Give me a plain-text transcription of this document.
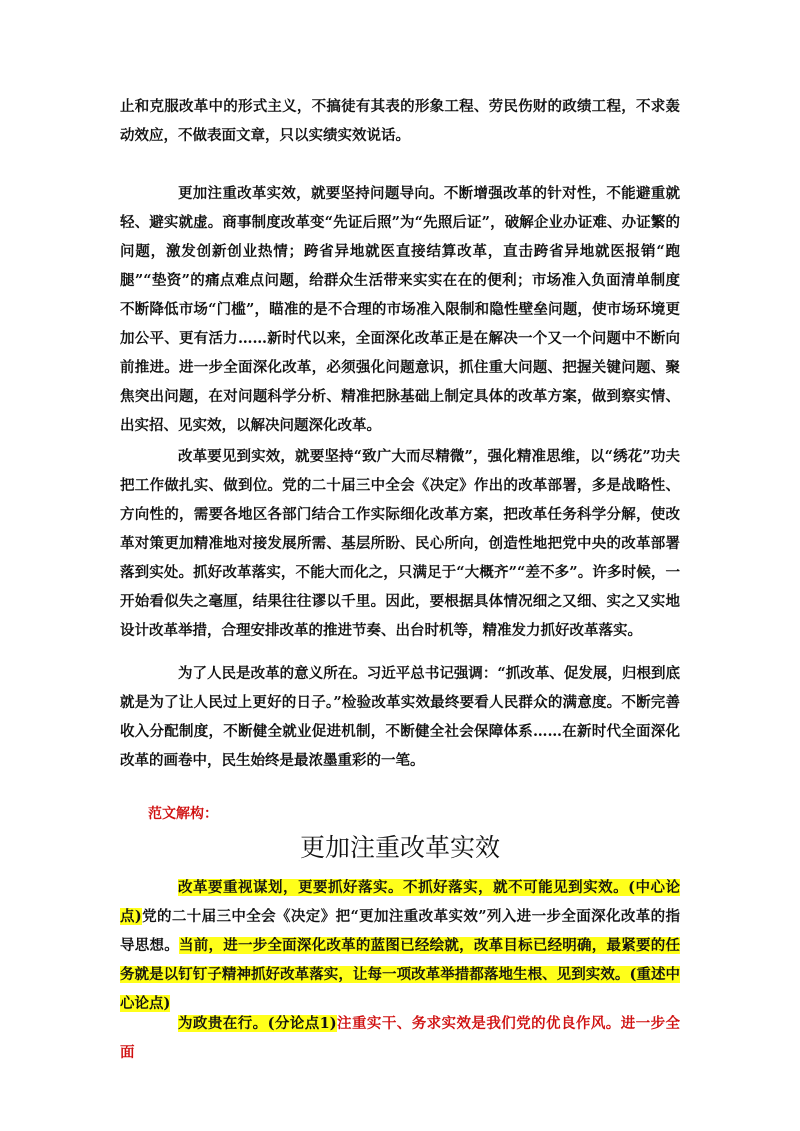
止和克服改革中的形式主义，不搞徒有其表的形象工程、劳民伤财的政绩工程，不求轰动效应，不做表面文章，只以实绩实效说话。

更加注重改革实效，就要坚持问题导向。不断增强改革的针对性，不能避重就轻、避实就虚。商事制度改革变“先证后照”为“先照后证”，破解企业办证难、办证繁的问题，激发创新创业热情；跨省异地就医直接结算改革，直击跨省异地就医报销“跑腿”“垫资”的痛点难点问题，给群众生活带来实实在在的便利；市场准入负面清单制度不断降低市场“门槛”，瞄准的是不合理的市场准入限制和隐性壁垒问题，使市场环境更加公平、更有活力……新时代以来，全面深化改革正是在解决一个又一个问题中不断向前推进。进一步全面深化改革，必须强化问题意识，抓住重大问题、把握关键问题、聚焦突出问题，在对问题科学分析、精准把脉基础上制定具体的改革方案，做到察实情、出实招、见实效，以解决问题深化改革。

改革要见到实效，就要坚持“致广大而尽精微”，强化精准思维，以“绣花”功夫把工作做扎实、做到位。党的二十届三中全会《决定》作出的改革部署，多是战略性、方向性的，需要各地区各部门结合工作实际细化改革方案，把改革任务科学分解，使改革对策更加精准地对接发展所需、基层所盼、民心所向，创造性地把党中央的改革部署落到实处。抓好改革落实，不能大而化之，只满足于“大概齐”“差不多”。许多时候，一开始看似失之毫厘，结果往往谬以千里。因此，要根据具体情况细之又细、实之又实地设计改革举措，合理安排改革的推进节奏、出台时机等，精准发力抓好改革落实。

为了人民是改革的意义所在。习近平总书记强调：“抓改革、促发展，归根到底就是为了让人民过上更好的日子。”检验改革实效最终要看人民群众的满意度。不断完善收入分配制度，不断健全就业促进机制，不断健全社会保障体系……在新时代全面深化改革的画卷中，民生始终是最浓墨重彩的一笔。

范文解构：
更加注重改革实效

改革要重视谋划，更要抓好落实。不抓好落实，就不可能见到实效。(中心论点)党的二十届三中全会《决定》把“更加注重改革实效”列入进一步全面深化改革的指导思想。当前，进一步全面深化改革的蓝图已经绘就，改革目标已经明确，最紧要的任务就是以钉钉子精神抓好改革落实，让每一项改革举措都落地生根、见到实效。(重述中心论点)

为政贵在行。(分论点1)注重实干、务求实效是我们党的优良作风。进一步全面
